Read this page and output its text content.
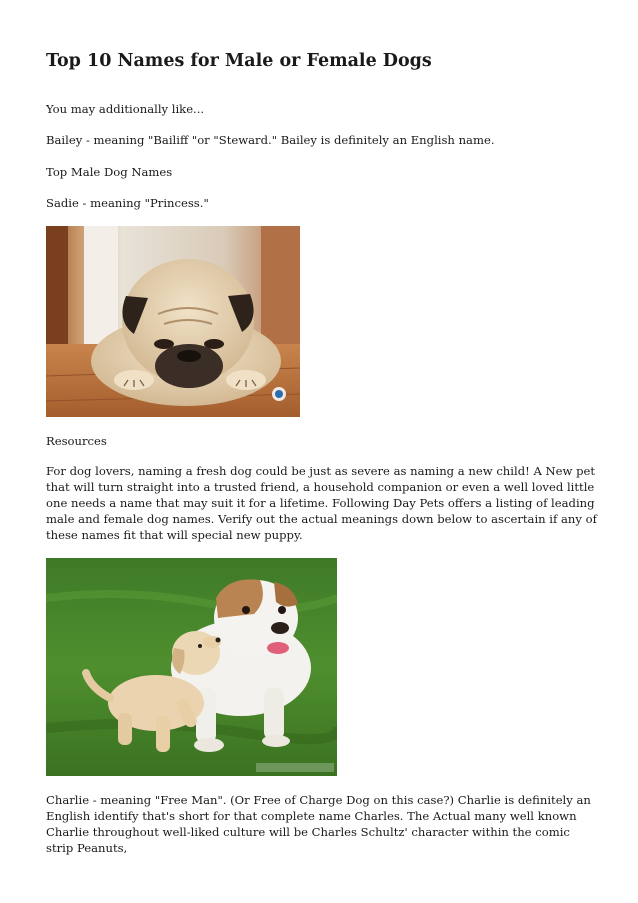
Top 10 Names for Male or Female Dogs

You may additionally like...

Bailey - meaning "Bailiff "or "Steward." Bailey is definitely an English name.

Top Male Dog Names

Sadie - meaning "Princess."

Resources

For dog lovers, naming a fresh dog could be just as severe as naming a new child! A New pet that will turn straight into a trusted friend, a household companion or even a well loved little one needs a name that may suit it for a lifetime. Following Day Pets offers a listing of leading male and female dog names. Verify out the actual meanings down below to ascertain if any of these names fit that will special new puppy.

Charlie - meaning "Free Man". (Or Free of Charge Dog on this case?) Charlie is definitely an English identify that's short for that complete name Charles. The Actual many well known Charlie throughout well-liked culture will be Charles Schultz' character within the comic strip Peanuts,
